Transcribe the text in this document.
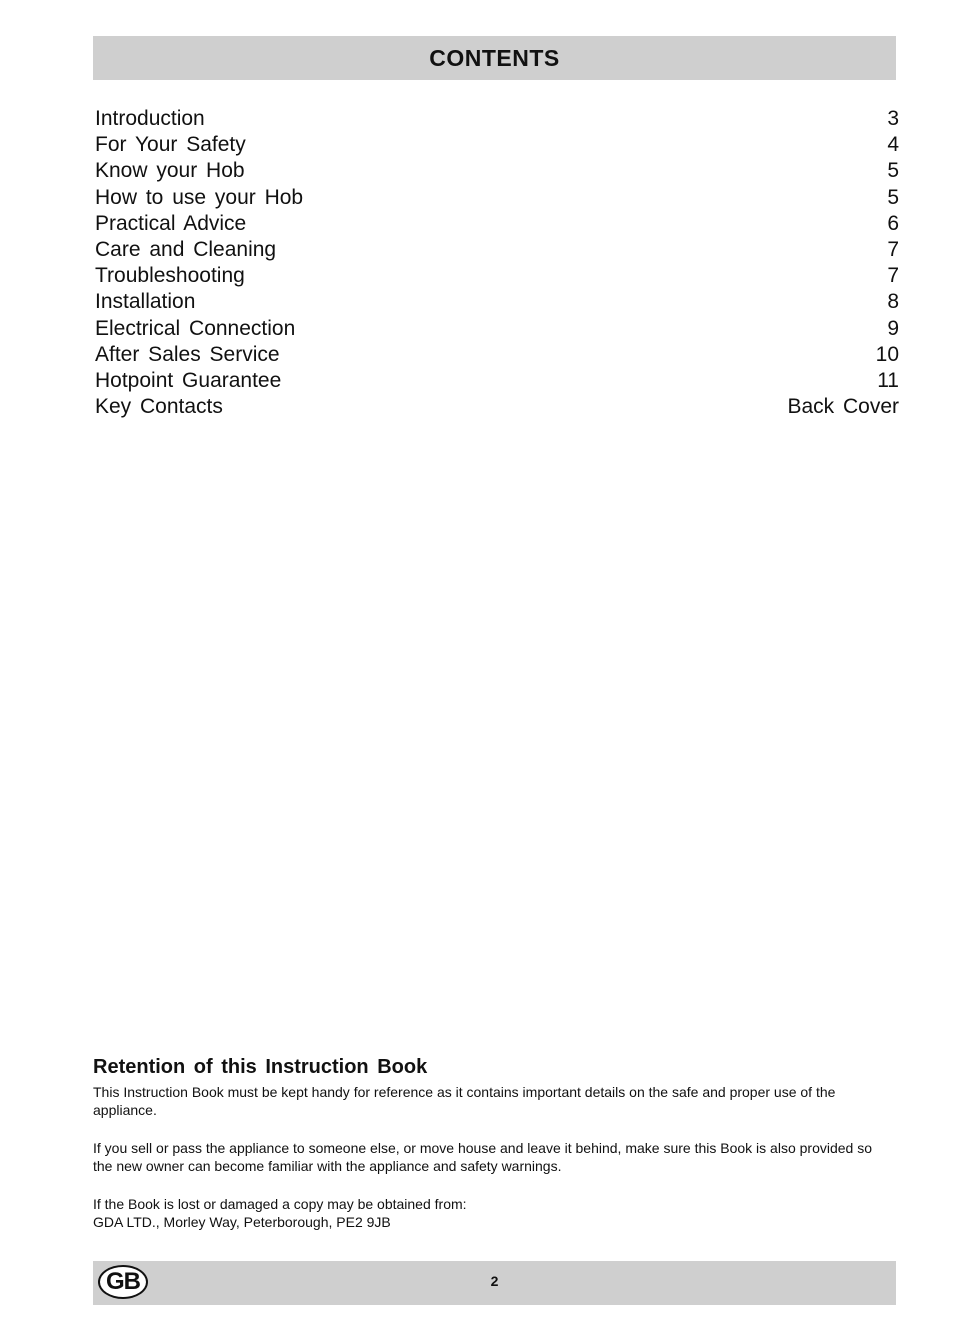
CONTENTS
Introduction	3
For Your Safety	4
Know your Hob	5
How to use your Hob	5
Practical Advice	6
Care and Cleaning	7
Troubleshooting	7
Installation	8
Electrical Connection	9
After Sales Service	10
Hotpoint Guarantee	11
Key Contacts	Back Cover
Retention of this Instruction Book

This Instruction Book must be kept handy for reference as it contains important details on the safe and proper use of the appliance.

If you sell or pass the appliance to someone else, or move house and leave it behind, make sure this Book is also provided so the new owner can become familiar with the appliance and safety warnings.

If the Book is lost or damaged a copy may be obtained from:

GDA LTD., Morley Way, Peterborough, PE2 9JB

GB	2
